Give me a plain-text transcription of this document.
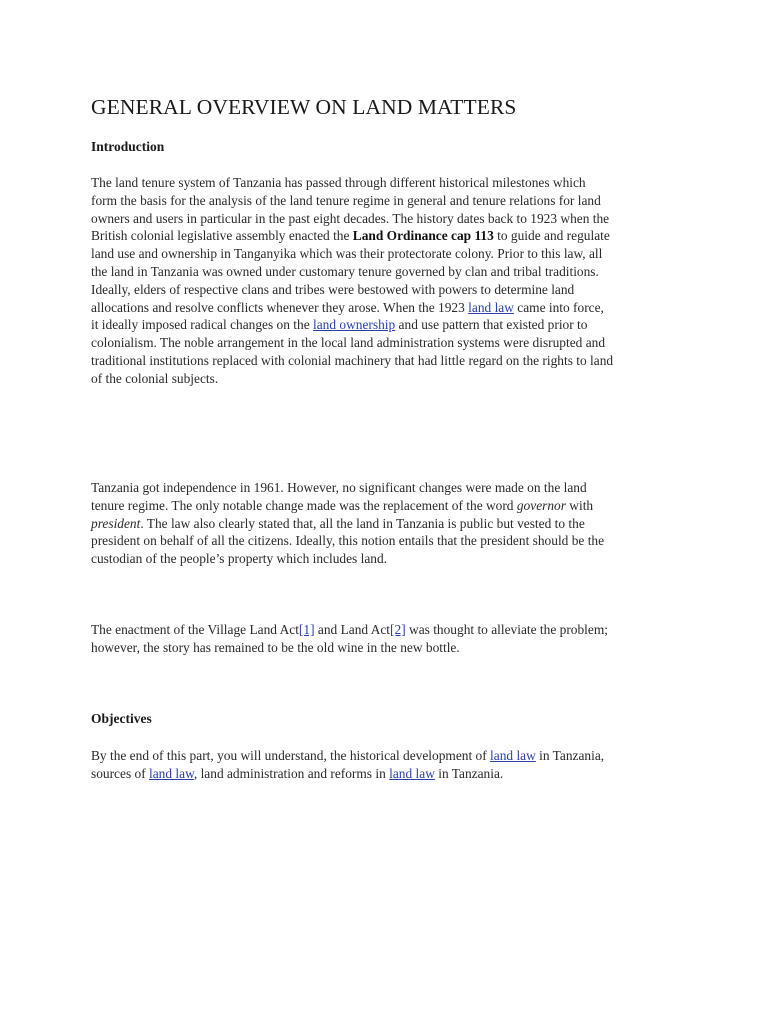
GENERAL OVERVIEW ON LAND MATTERS
Introduction
The land tenure system of Tanzania has passed through different historical milestones which
form the basis for the analysis of the land tenure regime in general and tenure relations for land
owners and users in particular in the past eight decades. The history dates back to 1923 when the
British colonial legislative assembly enacted the Land Ordinance cap 113 to guide and regulate
land use and ownership in Tanganyika which was their protectorate colony. Prior to this law, all
the land in Tanzania was owned under customary tenure governed by clan and tribal traditions.
Ideally, elders of respective clans and tribes were bestowed with powers to determine land
allocations and resolve conflicts whenever they arose. When the 1923 land law came into force,
it ideally imposed radical changes on the land ownership and use pattern that existed prior to
colonialism. The noble arrangement in the local land administration systems were disrupted and
traditional institutions replaced with colonial machinery that had little regard on the rights to land
of the colonial subjects.
Tanzania got independence in 1961. However, no significant changes were made on the land
tenure regime. The only notable change made was the replacement of the word governor with
president. The law also clearly stated that, all the land in Tanzania is public but vested to the
president on behalf of all the citizens. Ideally, this notion entails that the president should be the
custodian of the people’s property which includes land.
The enactment of the Village Land Act[1] and Land Act[2] was thought to alleviate the problem;
however, the story has remained to be the old wine in the new bottle.
Objectives
By the end of this part, you will understand, the historical development of land law in Tanzania,
sources of land law, land administration and reforms in land law in Tanzania.
